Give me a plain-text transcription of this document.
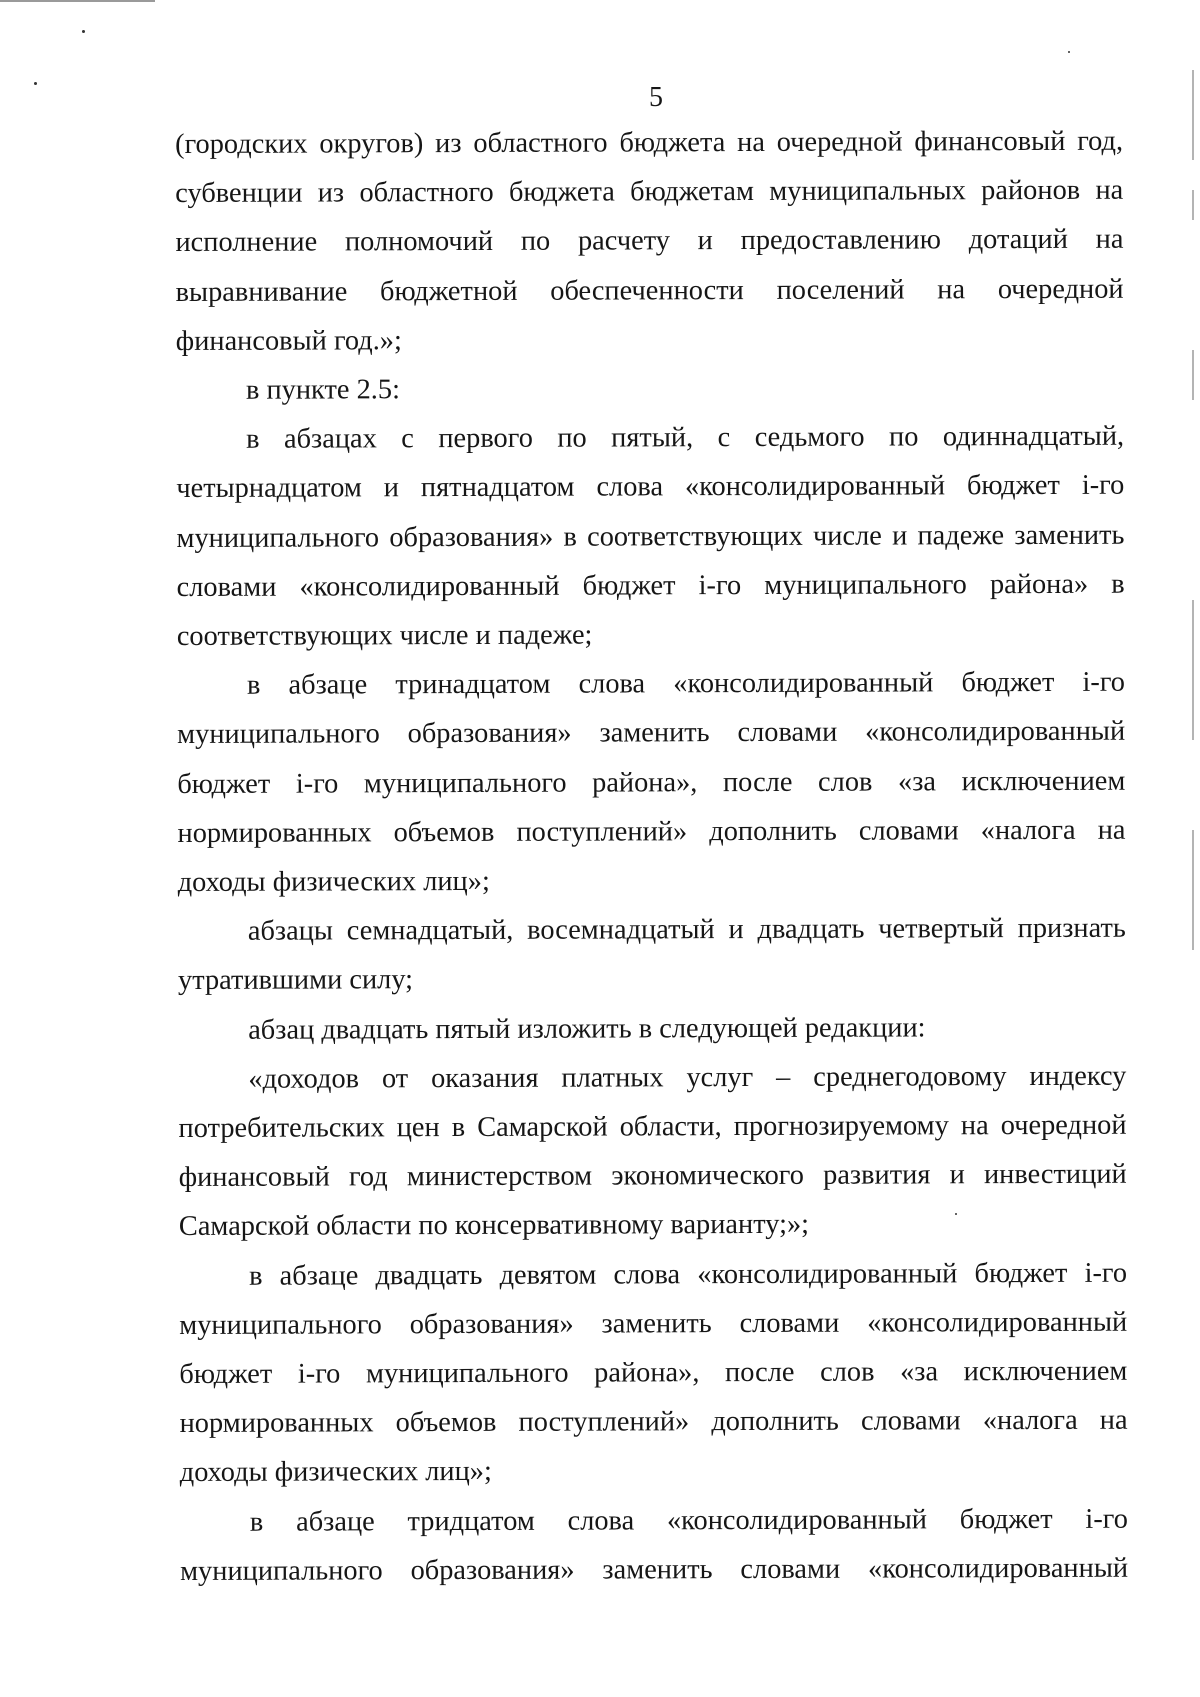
5

(городских округов) из областного бюджета на очередной финансовый год, субвенции из областного бюджета бюджетам муниципальных районов на исполнение полномочий по расчету и предоставлению дотаций на выравнивание бюджетной обеспеченности поселений на очередной финансовый год.»;

в пункте 2.5:

в абзацах с первого по пятый, с седьмого по одиннадцатый, четырнадцатом и пятнадцатом слова «консолидированный бюджет i-го муниципального образования» в соответствующих числе и падеже заменить словами «консолидированный бюджет i-го муниципального района» в соответствующих числе и падеже;

в абзаце тринадцатом слова «консолидированный бюджет i-го муниципального образования» заменить словами «консолидированный бюджет i-го муниципального района», после слов «за исключением нормированных объемов поступлений» дополнить словами «налога на доходы физических лиц»;

абзацы семнадцатый, восемнадцатый и двадцать четвертый признать утратившими силу;

абзац двадцать пятый изложить в следующей редакции:

«доходов от оказания платных услуг – среднегодовому индексу потребительских цен в Самарской области, прогнозируемому на очередной финансовый год министерством экономического развития и инвестиций Самарской области по консервативному варианту;»;

в абзаце двадцать девятом слова «консолидированный бюджет i-го муниципального образования» заменить словами «консолидированный бюджет i-го муниципального района», после слов «за исключением нормированных объемов поступлений» дополнить словами «налога на доходы физических лиц»;

в абзаце тридцатом слова «консолидированный бюджет i-го муниципального образования» заменить словами «консолидированный
